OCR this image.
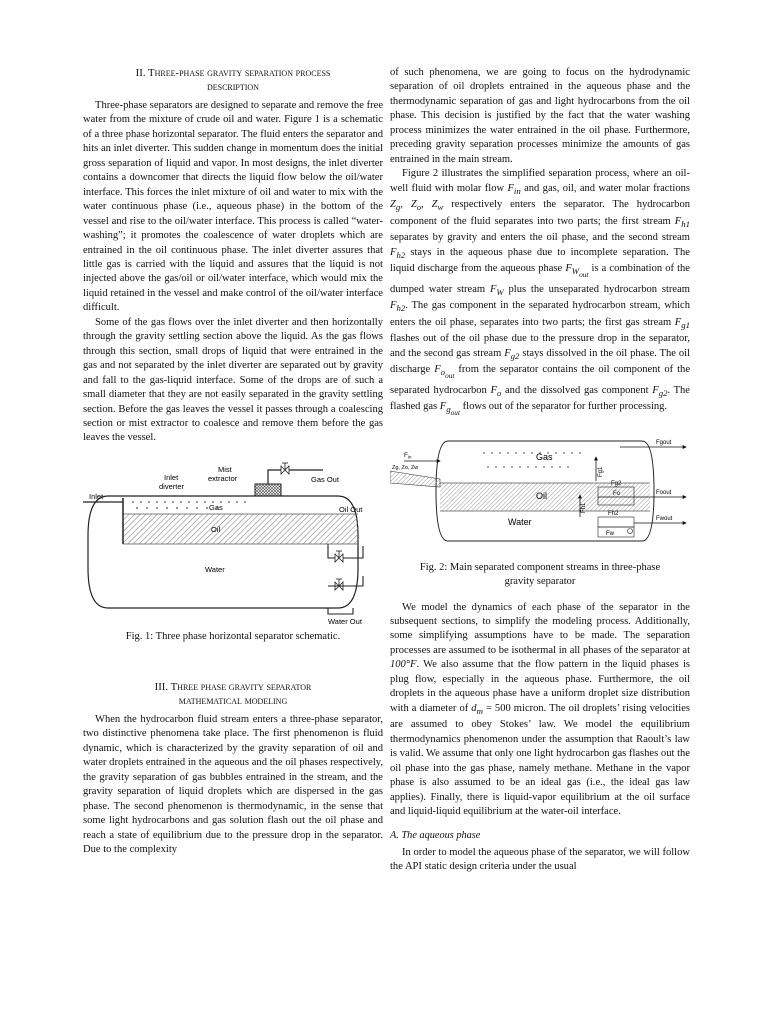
II. Three-phase gravity separation process
description

Three-phase separators are designed to separate and remove the free water from the mixture of crude oil and water. Figure 1 is a schematic of a three phase horizontal separator. The fluid enters the separator and hits an inlet diverter. This sudden change in momentum does the initial gross separation of liquid and vapor. In most designs, the inlet diverter contains a downcomer that directs the liquid flow below the oil/water interface. This forces the inlet mixture of oil and water to mix with the water continuous phase (i.e., aqueous phase) in the bottom of the vessel and rise to the oil/water interface. This process is called “water-washing”; it promotes the coalescence of water droplets which are entrained in the oil continuous phase. The inlet diverter assures that little gas is carried with the liquid and assures that the liquid is not injected above the gas/oil or oil/water interface, which would mix the liquid retained in the vessel and make control of the oil/water interface difficult.

Some of the gas flows over the inlet diverter and then horizontally through the gravity settling section above the liquid. As the gas flows through this section, small drops of liquid that were entrained in the gas and not separated by the inlet diverter are separated out by gravity and fall to the gas-liquid interface. Some of the drops are of such a small diameter that they are not easily separated in the gravity settling section. Before the gas leaves the vessel it passes through a coalescing section or mist extractor to coalesce and remove them before the gas leaves the vessel.

Mist
extractor
Inlet
diverter
Gas Out
Inlet
Gas	Oil Out
Oil
Water
Water Out
Fig. 1: Three phase horizontal separator schematic.
III. Three phase gravity separator
mathematical modeling

When the hydrocarbon fluid stream enters a three-phase separator, two distinctive phenomena take place. The first phenomenon is fluid dynamic, which is characterized by the gravity separation of oil and water droplets entrained in the aqueous and the oil phases respectively, the gravity separation of gas bubbles entrained in the stream, and the gravity separation of liquid droplets which are dispersed in the gas phase. The second phenomenon is thermodynamic, in the sense that some light hydrocarbons and gas solution flash out the oil phase and reach a state of equilibrium due to the pressure drop in the separator. Due to the complexity

of such phenomena, we are going to focus on the hydrodynamic separation of oil droplets entrained in the aqueous phase and the thermodynamic separation of gas and light hydrocarbons from the oil phase. This decision is justified by the fact that the water washing process minimizes the water entrained in the oil phase. Furthermore, preceding gravity separation processes minimize the amounts of gas entrained in the main stream.

Figure 2 illustrates the simplified separation process, where an oil-well fluid with molar flow $F_{in}$ and gas, oil, and water molar fractions $Z_g$, $Z_o$, $Z_w$ respectively enters the separator. The hydrocarbon component of the fluid separates into two parts; the first stream $F_{h1}$ separates by gravity and enters the oil phase, and the second stream $F_{h2}$ stays in the aqueous phase due to incomplete separation. The liquid discharge from the aqueous phase $F_{W_{out}}$ is a combination of the dumped water stream $F_W$ plus the unseparated hydrocarbon stream $F_{h2}$. The gas component in the separated hydrocarbon stream, which enters the oil phase, separates into two parts; the first gas stream $F_{g1}$ flashes out of the oil phase due to the pressure drop in the separator, and the second gas stream $F_{g2}$ stays dissolved in the oil phase. The oil discharge $F_{o_{out}}$ from the separator contains the oil component of the separated hydrocarbon $F_o$ and the dissolved gas component $F_{g2}$. The flashed gas $F_{g_{out}}$ flows out of the separator for further processing.

$F_{in}$
Zg, Zo, Zw
Gas
Fg1
Fgout
Oil
Fg2
Fo	Foout
Fh1
Fh2
Water	Fwout
Fw
Fig. 2: Main separated component streams in three-phase
gravity separator

We model the dynamics of each phase of the separator in the subsequent sections, to simplify the modeling process. Additionally, some simplifying assumptions have to be made. The separation processes are assumed to be isothermal in all phases of the separator at 100°F. We also assume that the flow pattern in the liquid phases is plug flow, especially in the aqueous phase. Furthermore, the oil droplets in the aqueous phase have a uniform droplet size distribution with a diameter of $d_m = 500$ micron. The oil droplets’ rising velocities are assumed to obey Stokes’ law. We model the equilibrium thermodynamics phenomenon under the assumption that Raoult’s law is valid. We assume that only one light hydrocarbon gas flashes out the oil phase into the gas phase, namely methane. Methane in the vapor phase is also assumed to be an ideal gas (i.e., the ideal gas law applies). Finally, there is liquid-vapor equilibrium at the oil surface and liquid-liquid equilibrium at the water-oil interface.

A. The aqueous phase

In order to model the aqueous phase of the separator, we will follow the API static design criteria under the usual
